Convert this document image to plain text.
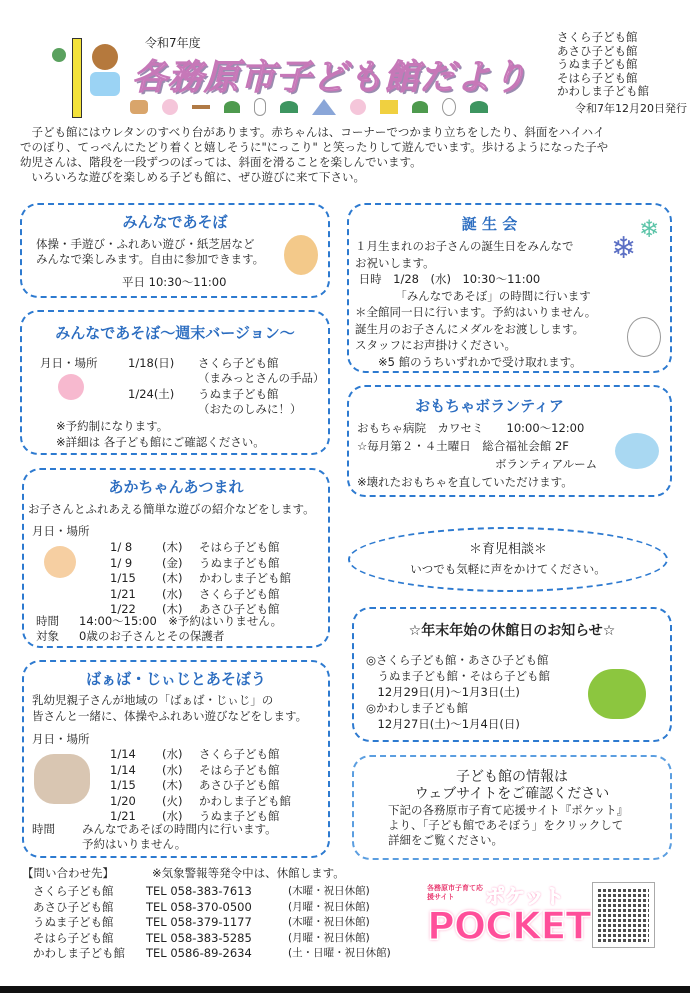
令和7年度
各務原市子ども館だより
さくら子ども館
あさひ子ども館
うぬま子ども館
そはら子ども館
かわしま子ども館
令和7年12月20日発行
　子ども館にはウレタンのすべり台があります。赤ちゃんは、コーナーでつかまり立ちをしたり、斜面をハイハイ
でのぼり、てっぺんにたどり着くと嬉しそうに"にっこり" と笑ったりして遊んでいます。歩けるようになった子や
幼児さんは、階段を一段ずつのぼっては、斜面を滑ることを楽しんでいます。
　いろいろな遊びを楽しめる子ども館に、ぜひ遊びに来て下さい。
みんなであそぼ
体操・手遊び・ふれあい遊び・紙芝居など
みんなで楽しみます。自由に参加できます。
平日 10:30～11:00
みんなであそぼ～週末バージョン～
月日・場所	1/18(日) さくら子ども館
（まみっとさんの手品）
1/24(土) うぬま子ども館
（おたのしみに！）
※予約制になります。
※詳細は 各子ども館にご確認ください。
あかちゃんあつまれ
お子さんとふれあえる簡単な遊びの紹介などをします。
月日・場所
時間 14:00～15:00　※予約はいりません。
対象 0歳のお子さんとその保護者
1/ 8	(木) そはら子ども館
1/ 9	(金) うぬま子ども館
1/15 (木) かわしま子ども館
1/21 (水) さくら子ども館
1/22 (木) あさひ子ども館
ばぁば・じぃじとあそぼう
乳幼児親子さんが地域の「ばぁば・じぃじ」の
皆さんと一緒に、体操やふれあい遊びなどをします。
月日・場所
時間 みんなであそぼの時間内に行います。
予約はいりません。
1/14 (水) さくら子ども館
1/14 (水) そはら子ども館
1/15 (木) あさひ子ども館
1/20 (火) かわしま子ども館
1/21 (水) うぬま子ども館
誕 生 会
❄
❄
１月生まれのお子さんの誕生日をみんなで
お祝いします。
日時　1/28　(水)　10:30～11:00
　　　　「みんなであそぼ」の時間に行います
＊全館同一日に行います。予約はいりません。
誕生月のお子さんにメダルをお渡しします。
スタッフにお声掛けください。
　　※5 館のうちいずれかで受け取れます。
おもちゃボランティア
おもちゃ病院　カワセミ　　10:00～12:00
☆毎月第２・４土曜日　総合福祉会館 2F
　　　　　　　　　　　　ボランティアルーム
※壊れたおもちゃを直していただけます。
＊育児相談＊
いつでも気軽に声をかけてください。
☆年末年始の休館日のお知らせ☆
◎さくら子ども館・あさひ子ども館
　うぬま子ども館・そはら子ども館
　12月29日(月)～1月3日(土)
◎かわしま子ども館
　12月27日(土)～1月4日(日)
子ども館の情報は
ウェブサイトをご確認ください
下記の各務原市子育て応援サイト『ポケット』
より、「子ども館であそぼう」をクリックして
詳細をご覧ください。
【問い合わせ先】	※気象警報等発令中は、休館します。
各務原市子育て応援サイト	ポケット
POCKET
さくら子ども館	TEL 058-383-7613	(木曜・祝日休館)
あさひ子ども館	TEL 058-370-0500	(月曜・祝日休館)
うぬま子ども館	TEL 058-379-1177	(木曜・祝日休館)
そはら子ども館	TEL 058-383-5285	(月曜・祝日休館)
かわしま子ども館 TEL 0586-89-2634	(土・日曜・祝日休館)
